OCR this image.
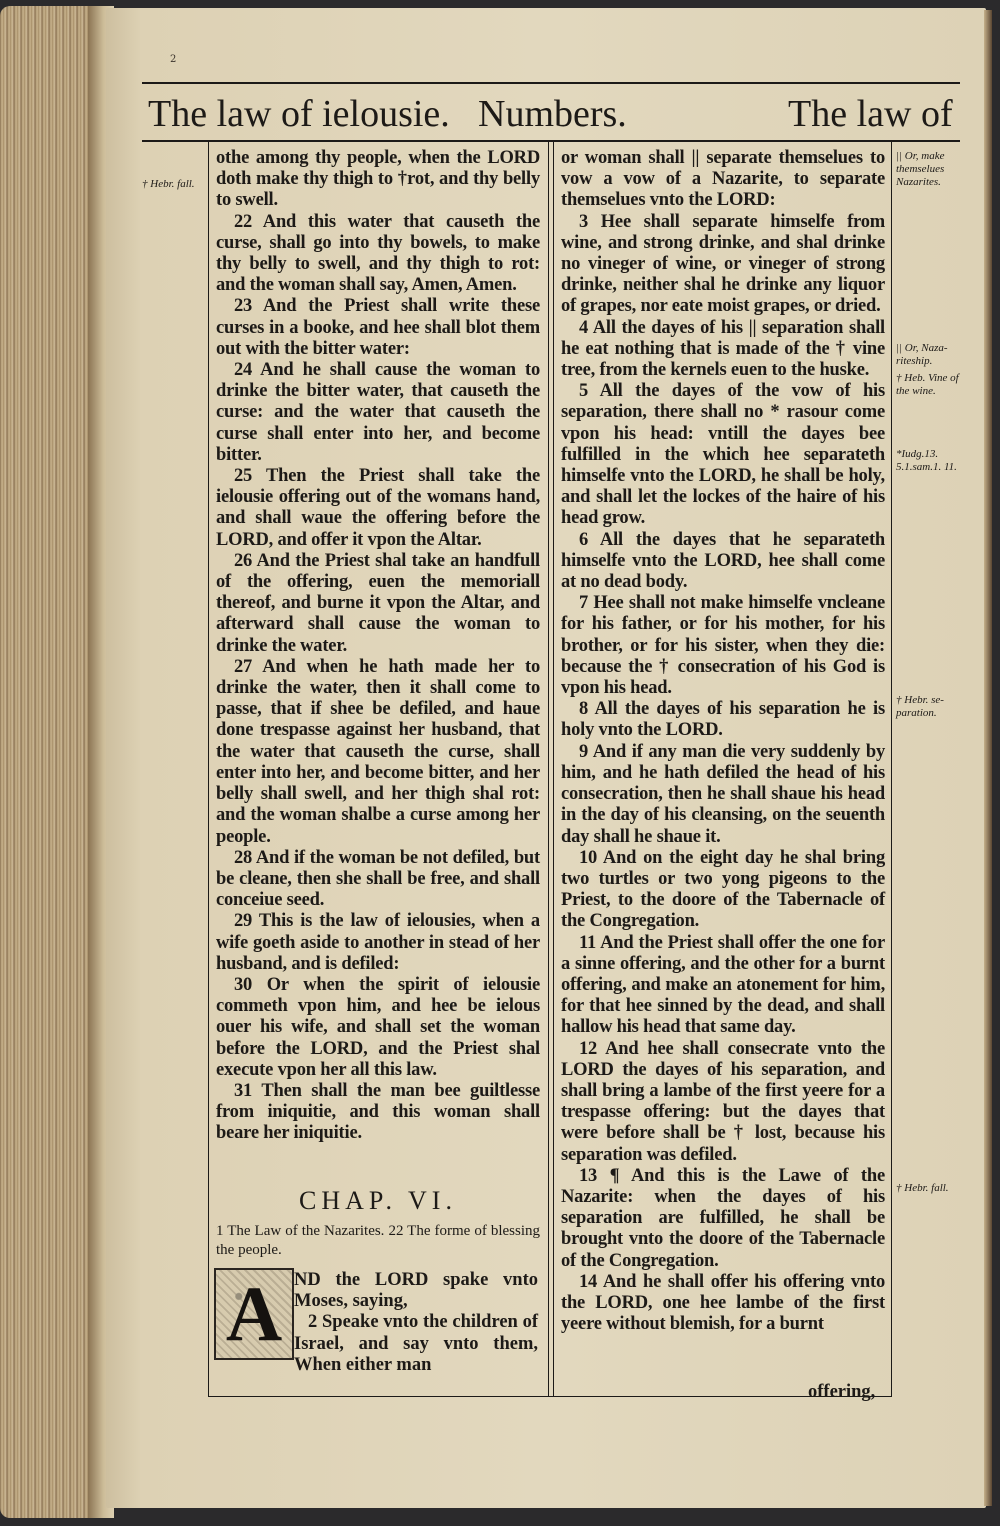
2
The law of ielousie. Numbers.	The law of
† Hebr. fall.
|| Or, make themselues Nazarites.
|| Or, Naza-riteship.
† Heb. Vine of the wine.
*Iudg.13. 5.1.sam.1. 11.
† Hebr. se-paration.
† Hebr. fall.

othe among thy people, when the LORD doth make thy thigh to †rot, and thy belly to swell.

22 And this water that causeth the curse, shall go into thy bowels, to make thy belly to swell, and thy thigh to rot: and the woman shall say, Amen, Amen.

23 And the Priest shall write these curses in a booke, and hee shall blot them out with the bitter water:

24 And he shall cause the woman to drinke the bitter water, that causeth the curse: and the water that causeth the curse shall enter into her, and become bitter.

25 Then the Priest shall take the ielousie offering out of the womans hand, and shall waue the offering before the LORD, and offer it vpon the Altar.

26 And the Priest shal take an handfull of the offering, euen the memoriall thereof, and burne it vpon the Altar, and afterward shall cause the woman to drinke the water.

27 And when he hath made her to drinke the water, then it shall come to passe, that if shee be defiled, and haue done trespasse against her husband, that the water that causeth the curse, shall enter into her, and become bitter, and her belly shall swell, and her thigh shal rot: and the woman shalbe a curse among her people.

28 And if the woman be not defiled, but be cleane, then she shall be free, and shall conceiue seed.

29 This is the law of ielousies, when a wife goeth aside to another in stead of her husband, and is defiled:

30 Or when the spirit of ielousie commeth vpon him, and hee be ielous ouer his wife, and shall set the woman before the LORD, and the Priest shal execute vpon her all this law.

31 Then shall the man bee guiltlesse from iniquitie, and this woman shall beare her iniquitie.

CHAP. VI.
1 The Law of the Nazarites. 22 The forme of blessing the people.
A ND the LORD spake vnto Moses, saying,

2 Speake vnto the children of Israel, and say vnto them, When either man

or woman shall || separate themselues to vow a vow of a Nazarite, to separate themselues vnto the LORD:

3 Hee shall separate himselfe from wine, and strong drinke, and shal drinke no vineger of wine, or vineger of strong drinke, neither shal he drinke any liquor of grapes, nor eate moist grapes, or dried.

4 All the dayes of his || separation shall he eat nothing that is made of the † vine tree, from the kernels euen to the huske.

5 All the dayes of the vow of his separation, there shall no * rasour come vpon his head: vntill the dayes bee fulfilled in the which hee separateth himselfe vnto the LORD, he shall be holy, and shall let the lockes of the haire of his head grow.

6 All the dayes that he separateth himselfe vnto the LORD, hee shall come at no dead body.

7 Hee shall not make himselfe vncleane for his father, or for his mother, for his brother, or for his sister, when they die: because the † consecration of his God is vpon his head.

8 All the dayes of his separation he is holy vnto the LORD.

9 And if any man die very suddenly by him, and he hath defiled the head of his consecration, then he shall shaue his head in the day of his cleansing, on the seuenth day shall he shaue it.

10 And on the eight day he shal bring two turtles or two yong pigeons to the Priest, to the doore of the Tabernacle of the Congregation.

11 And the Priest shall offer the one for a sinne offering, and the other for a burnt offering, and make an atonement for him, for that hee sinned by the dead, and shall hallow his head that same day.

12 And hee shall consecrate vnto the LORD the dayes of his separation, and shall bring a lambe of the first yeere for a trespasse offering: but the dayes that were before shall be † lost, because his separation was defiled.

13 ¶ And this is the Lawe of the Nazarite: when the dayes of his separation are fulfilled, he shall be brought vnto the doore of the Tabernacle of the Congregation.

14 And he shall offer his offering vnto the LORD, one hee lambe of the first yeere without blemish, for a burnt

offering,
